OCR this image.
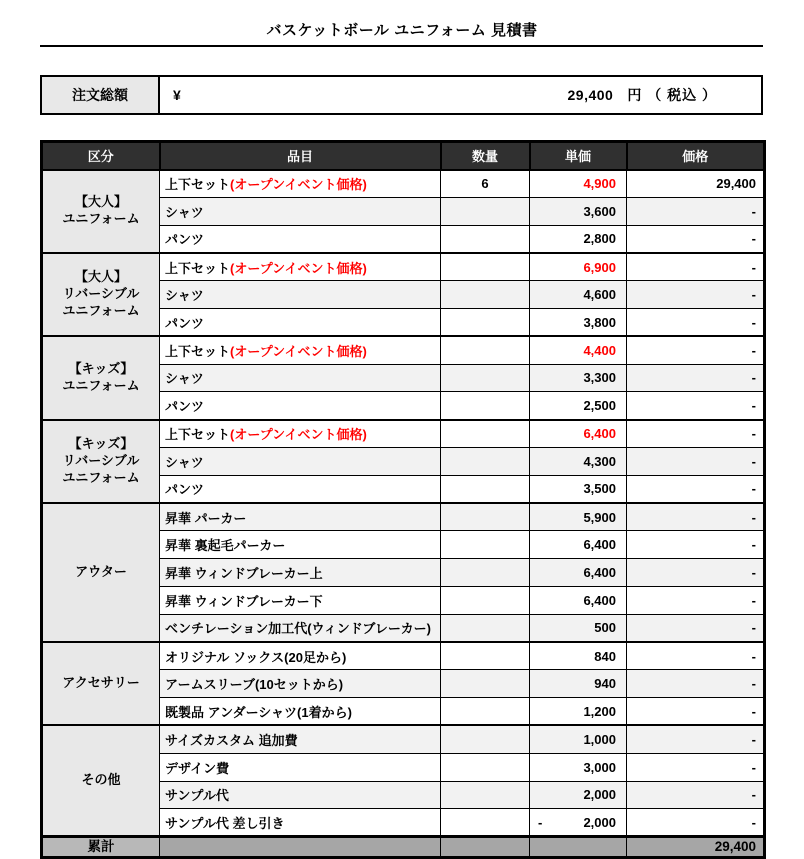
バスケットボール ユニフォーム 見積書
注文総額	¥	29,400 円 （ 税込 ）
区分	品目	数量	単価	価格
【大人】
ユニフォーム	上下セット(オープンイベント価格)	6	4,900	29,400
	シャツ		3,600	-
	パンツ		2,800	-
【大人】
リバーシブル
ユニフォーム	上下セット(オープンイベント価格)		6,900	-
	シャツ		4,600	-
	パンツ		3,800	-
【キッズ】
ユニフォーム	上下セット(オープンイベント価格)		4,400	-
	シャツ		3,300	-
	パンツ		2,500	-
【キッズ】
リバーシブル
ユニフォーム	上下セット(オープンイベント価格)		6,400	-
	シャツ		4,300	-
	パンツ		3,500	-
アウター	昇華 パーカー		5,900	-
	昇華 裏起毛パーカー		6,400	-
	昇華 ウィンドブレーカー上		6,400	-
	昇華 ウィンドブレーカー下		6,400	-
	ベンチレーション加工代(ウィンドブレーカー)		500	-
アクセサリー	オリジナル ソックス(20足から)		840	-
	アームスリーブ(10セットから)		940	-
	既製品 アンダーシャツ(1着から)		1,200	-
その他	サイズカスタム 追加費		1,000	-
	デザイン費		3,000	-
	サンプル代		2,000	-
	サンプル代 差し引き		- 2,000	-
累計				29,400
